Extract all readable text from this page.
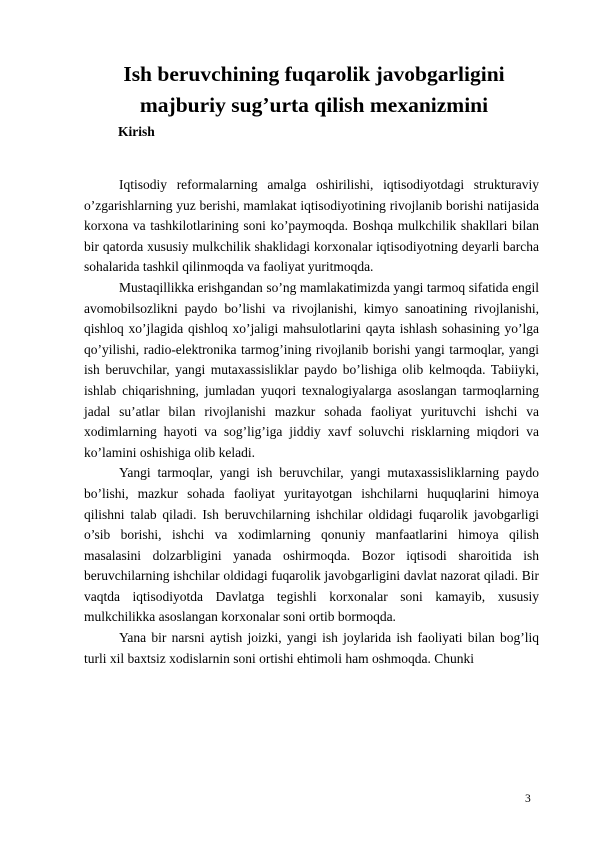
Ish beruvchining fuqarolik javobgarligini
majburiy sug’urta qilish mexanizmini
Kirish

Iqtisodiy reformalarning amalga oshirilishi, iqtisodiyotdagi strukturaviy o’zgarishlarning yuz berishi, mamlakat iqtisodiyotining rivojlanib borishi natijasida korxona va tashkilotlarining soni ko’paymoqda. Boshqa mulkchilik shakllari bilan bir qatorda xususiy mulkchilik shaklidagi korxonalar iqtisodiyotning deyarli barcha sohalarida tashkil qilinmoqda va faoliyat yuritmoqda.

Mustaqillikka erishgandan so’ng mamlakatimizda yangi tarmoq sifatida engil avomobilsozlikni paydo bo’lishi va rivojlanishi, kimyo sanoatining rivojlanishi, qishloq xo’jlagida qishloq xo’jaligi mahsulotlarini qayta ishlash sohasining yo’lga qo’yilishi, radio-elektronika tarmog’ining rivojlanib borishi yangi tarmoqlar, yangi ish beruvchilar, yangi mutaxassisliklar paydo bo’lishiga olib kelmoqda. Tabiiyki, ishlab chiqarishning, jumladan yuqori texnalogiyalarga asoslangan tarmoqlarning jadal su’atlar bilan rivojlanishi mazkur sohada faoliyat yurituvchi ishchi va xodimlarning hayoti va sog’lig’iga jiddiy xavf soluvchi risklarning miqdori va ko’lamini oshishiga olib keladi.

Yangi tarmoqlar, yangi ish beruvchilar, yangi mutaxassisliklarning paydo bo’lishi, mazkur sohada faoliyat yuritayotgan ishchilarni huquqlarini himoya qilishni talab qiladi. Ish beruvchilarning ishchilar oldidagi fuqarolik javobgarligi o’sib borishi, ishchi va xodimlarning qonuniy manfaatlarini himoya qilish masalasini dolzarbligini yanada oshirmoqda. Bozor iqtisodi sharoitida ish beruvchilarning ishchilar oldidagi fuqarolik javobgarligini davlat nazorat qiladi. Bir vaqtda iqtisodiyotda Davlatga tegishli korxonalar soni kamayib, xususiy mulkchilikka asoslangan korxonalar soni ortib bormoqda.

Yana bir narsni aytish joizki, yangi ish joylarida ish faoliyati bilan bog’liq turli xil baxtsiz xodislarnin soni ortishi ehtimoli ham oshmoqda. Chunki

3
